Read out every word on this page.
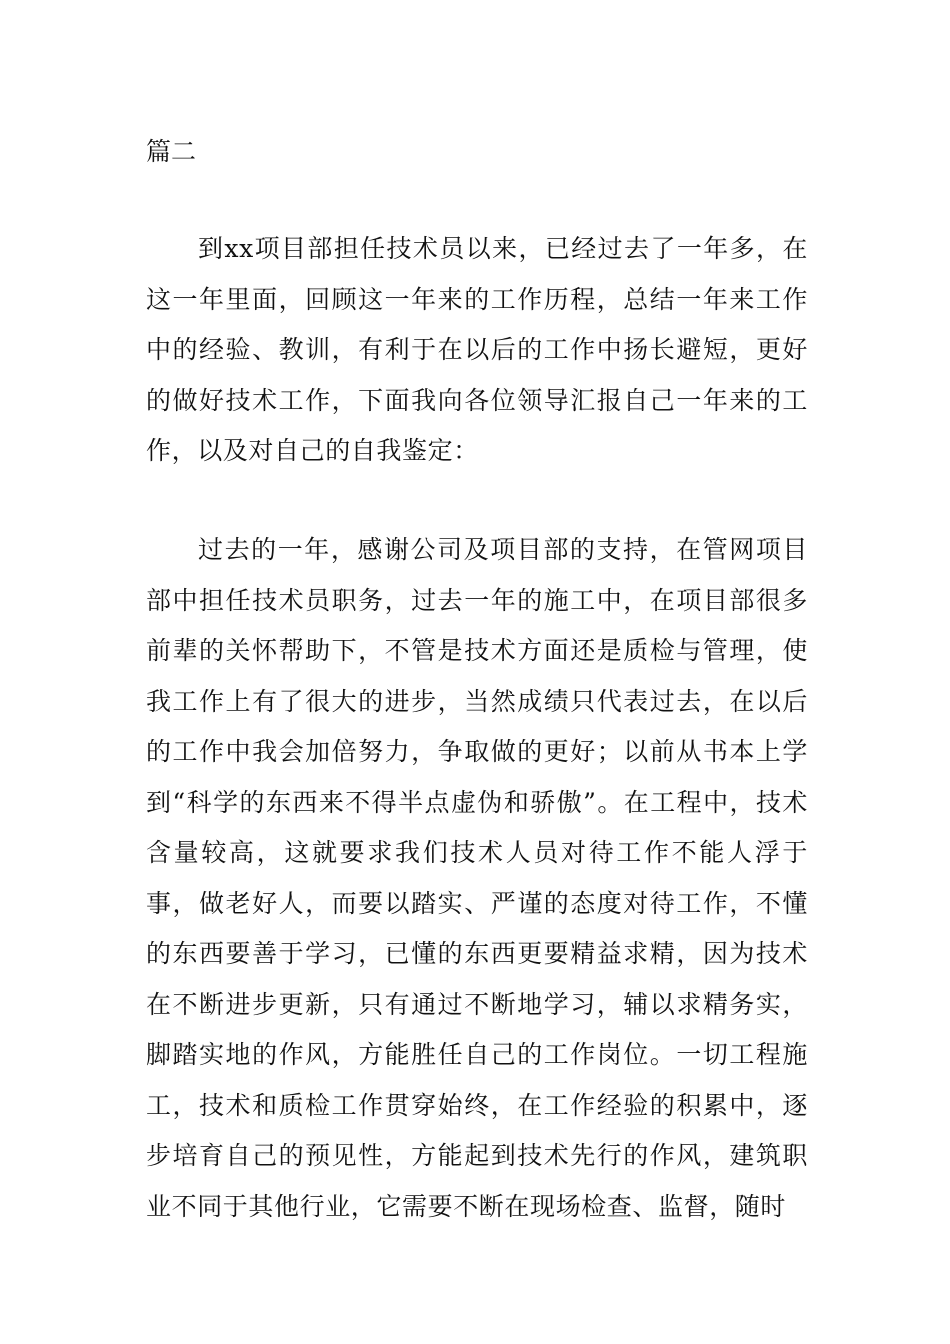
篇二

到xx项目部担任技术员以来，已经过去了一年多，在这一年里面，回顾这一年来的工作历程，总结一年来工作中的经验、教训，有利于在以后的工作中扬长避短，更好的做好技术工作，下面我向各位领导汇报自己一年来的工作，以及对自己的自我鉴定：

过去的一年，感谢公司及项目部的支持，在管网项目部中担任技术员职务，过去一年的施工中，在项目部很多前辈的关怀帮助下，不管是技术方面还是质检与管理，使我工作上有了很大的进步，当然成绩只代表过去，在以后的工作中我会加倍努力，争取做的更好；以前从书本上学到“科学的东西来不得半点虚伪和骄傲”。在工程中，技术含量较高，这就要求我们技术人员对待工作不能人浮于事，做老好人，而要以踏实、严谨的态度对待工作，不懂的东西要善于学习，已懂的东西更要精益求精，因为技术在不断进步更新，只有通过不断地学习，辅以求精务实，脚踏实地的作风，方能胜任自己的工作岗位。一切工程施工，技术和质检工作贯穿始终，在工作经验的积累中，逐步培育自己的预见性，方能起到技术先行的作风，建筑职业不同于其他行业，它需要不断在现场检查、监督，随时
